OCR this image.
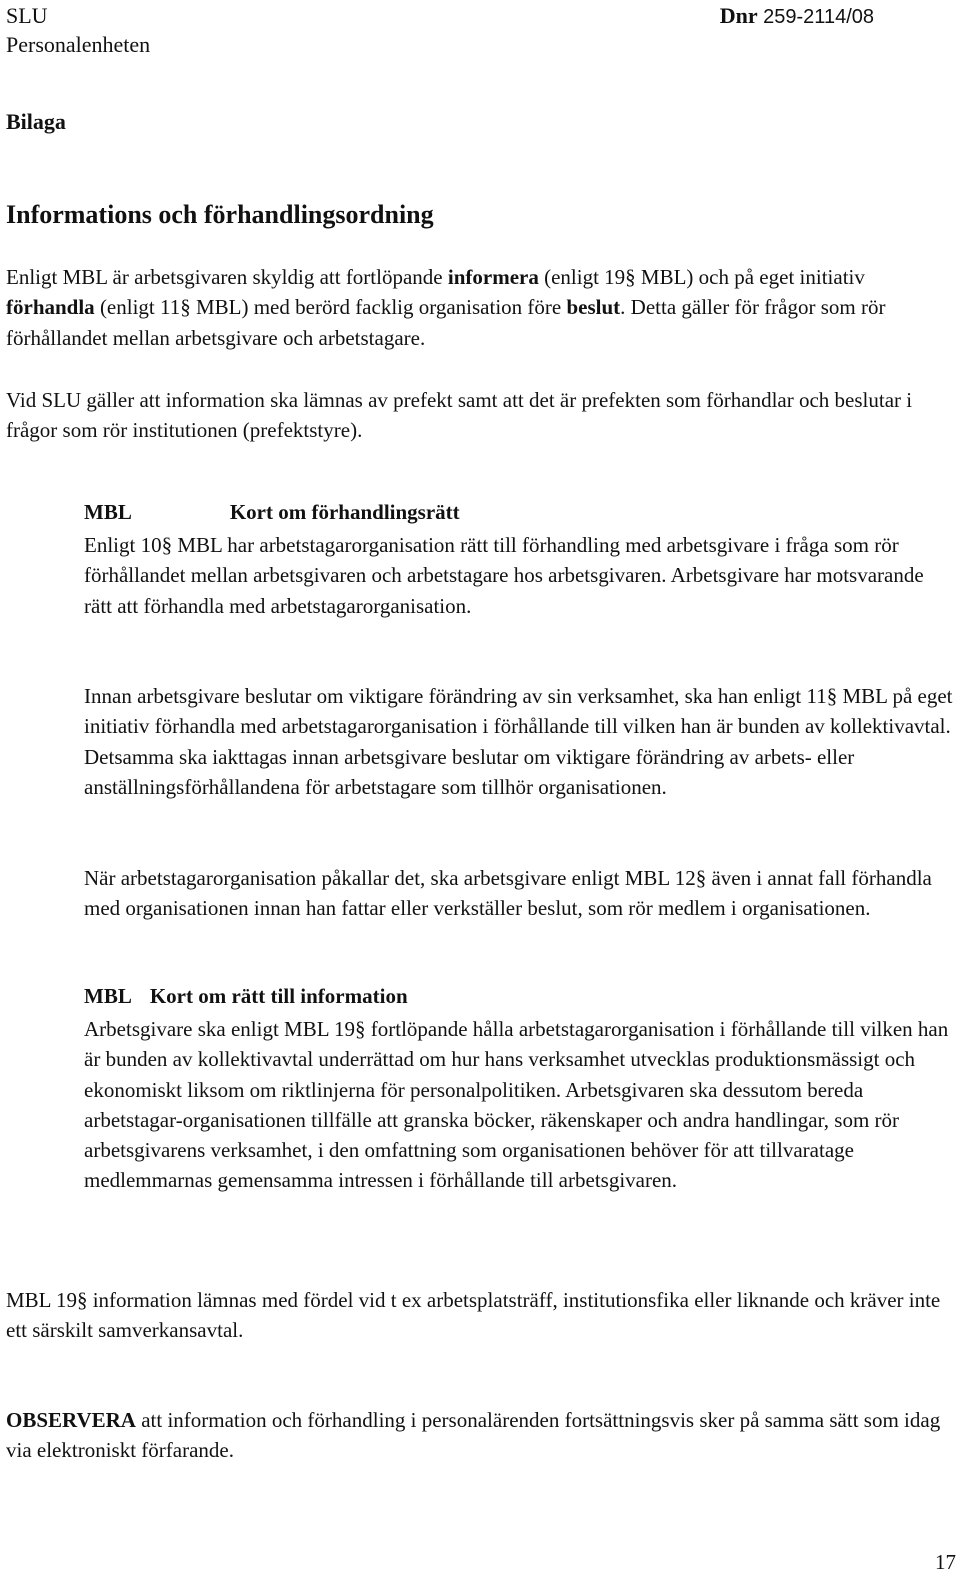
SLU
Personalenheten
Dnr 259-2114/08
Bilaga
Informations och förhandlingsordning

Enligt MBL är arbetsgivaren skyldig att fortlöpande informera (enligt 19§ MBL) och på eget initiativ förhandla (enligt 11§ MBL) med berörd facklig organisation före beslut. Detta gäller för frågor som rör förhållandet mellan arbetsgivare och arbetstagare.

Vid SLU gäller att information ska lämnas av prefekt samt att det är prefekten som förhandlar och beslutar i frågor som rör institutionen (prefektstyre).

MBL	Kort om förhandlingsrätt

Enligt 10§ MBL har arbetstagarorganisation rätt till förhandling med arbetsgivare i fråga som rör förhållandet mellan arbetsgivaren och arbetstagare hos arbetsgivaren. Arbetsgivare har motsvarande rätt att förhandla med arbetstagarorganisation.

Innan arbetsgivare beslutar om viktigare förändring av sin verksamhet, ska han enligt 11§ MBL på eget initiativ förhandla med arbetstagarorganisation i förhållande till vilken han är bunden av kollektivavtal. Detsamma ska iakttagas innan arbetsgivare beslutar om viktigare förändring av arbets- eller anställningsförhållandena för arbetstagare som tillhör organisationen.

När arbetstagarorganisation påkallar det, ska arbetsgivare enligt MBL 12§ även i annat fall förhandla med organisationen innan han fattar eller verkställer beslut, som rör medlem i organisationen.

MBL Kort om rätt till information

Arbetsgivare ska enligt MBL 19§ fortlöpande hålla arbetstagarorganisation i förhållande till vilken han är bunden av kollektivavtal underrättad om hur hans verksamhet utvecklas produktionsmässigt och ekonomiskt liksom om riktlinjerna för personalpolitiken. Arbetsgivaren ska dessutom bereda arbetstagar-organisationen tillfälle att granska böcker, räkenskaper och andra handlingar, som rör arbetsgivarens verksamhet, i den omfattning som organisationen behöver för att tillvaratage medlemmarnas gemensamma intressen i förhållande till arbetsgivaren.

MBL 19§ information lämnas med fördel vid t ex arbetsplatsträff, institutionsfika eller liknande och kräver inte ett särskilt samverkansavtal.

OBSERVERA att information och förhandling i personalärenden fortsättningsvis sker på samma sätt som idag via elektroniskt förfarande.

17
